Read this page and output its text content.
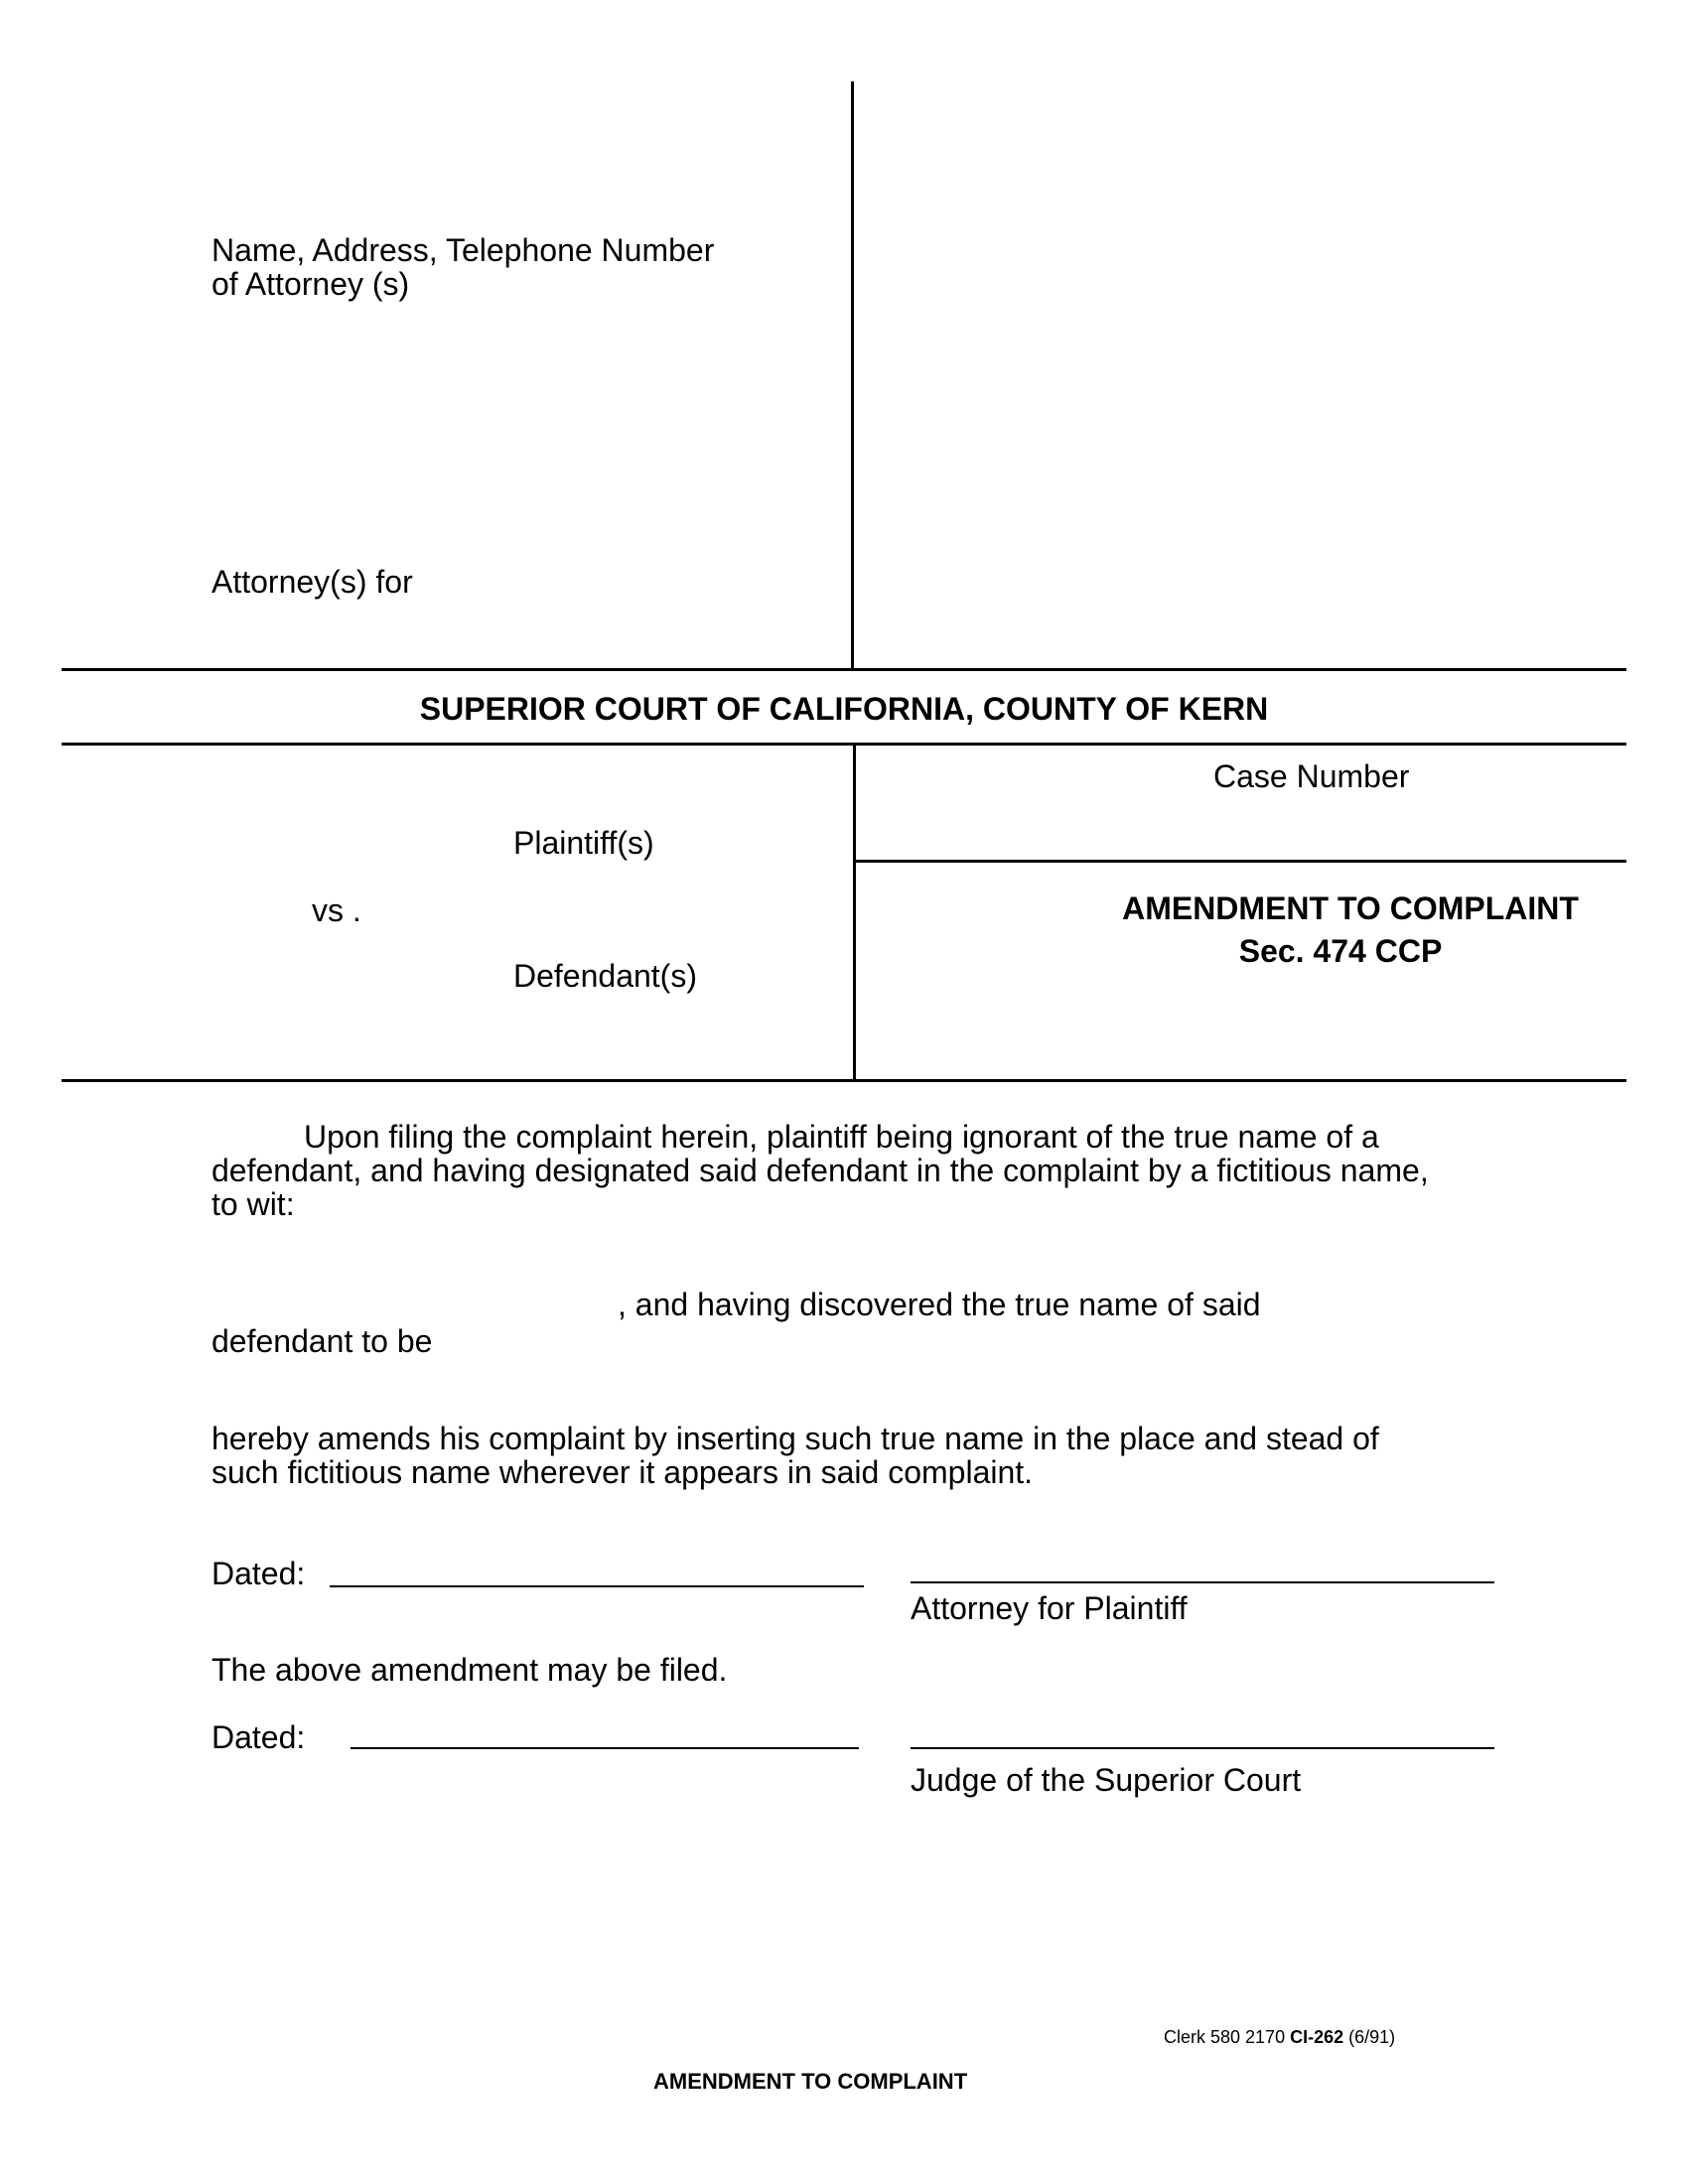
Name, Address, Telephone Number
of Attorney (s)
Attorney(s) for
SUPERIOR COURT OF CALIFORNIA, COUNTY OF KERN
Plaintiff(s)
vs .
Defendant(s)
Case Number
AMENDMENT TO COMPLAINT
Sec. 474 CCP
Upon filing the complaint herein, plaintiff being ignorant of the true name of a
defendant, and having designated said defendant in the complaint by a fictitious name,
to wit:
, and having discovered the true name of said
defendant to be
hereby amends his complaint by inserting such true name in the place and stead of
such fictitious name wherever it appears in said complaint.
Dated:
Attorney for Plaintiff
The above amendment may be filed.
Dated:
Judge of the Superior Court
Clerk 580 2170 CI-262 (6/91)
AMENDMENT TO COMPLAINT
